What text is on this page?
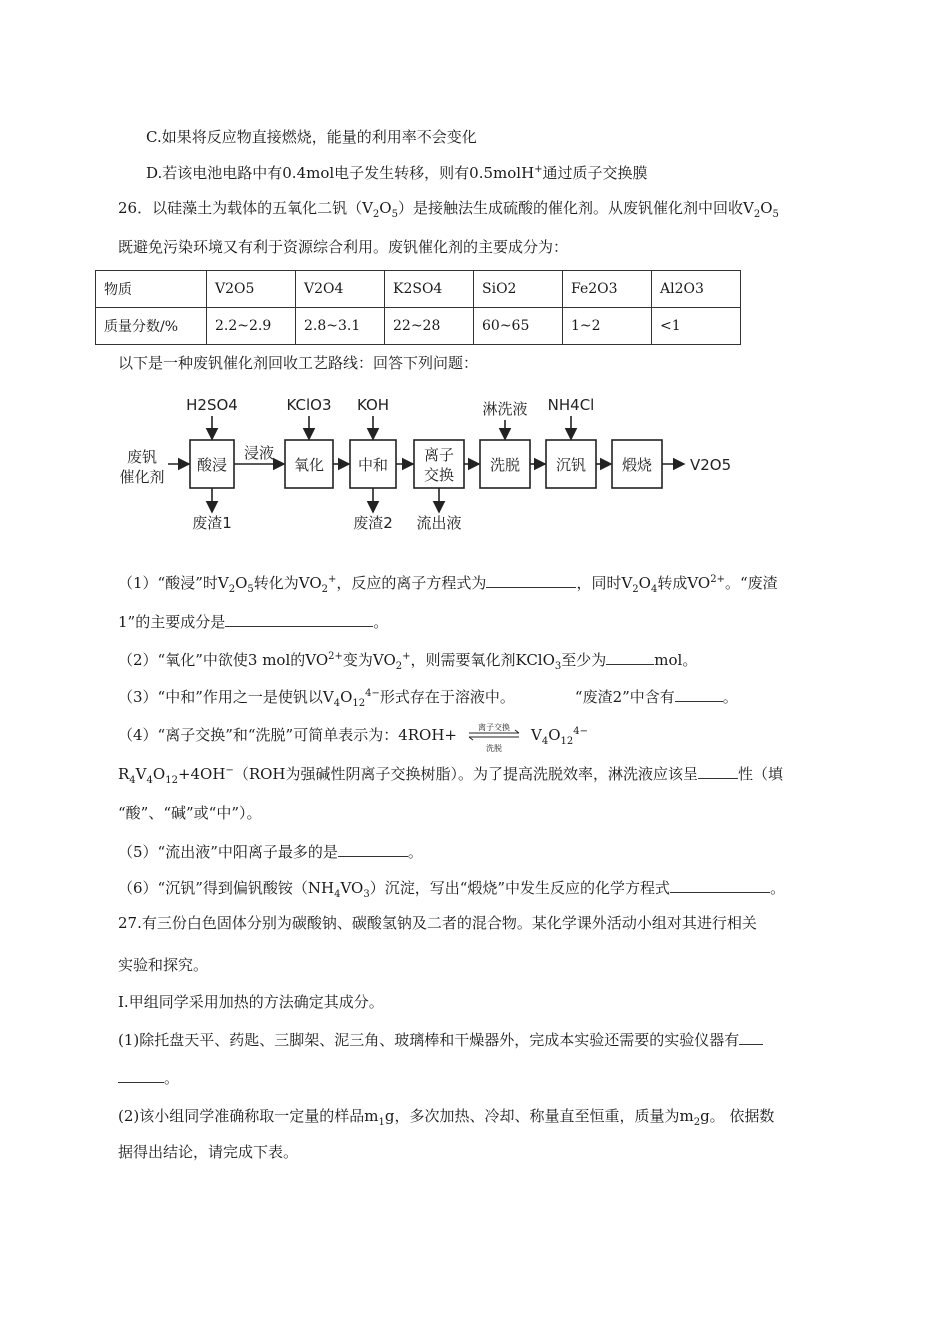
C.如果将反应物直接燃烧，能量的利用率不会变化
D.若该电池电路中有0.4mol电子发生转移，则有0.5molH+通过质子交换膜
26．以硅藻土为载体的五氧化二钒$(V_2O_5)$是接触法生成硫酸的催化剂。从废钒催化剂中回收$V_2O_5$
既避免污染环境又有利于资源综合利用。废钒催化剂的主要成分为：
物质	V2O5	V2O4	K2SO4	SiO2	Fe2O3	Al2O3
质量分数/%	2.2~2.9	2.8~3.1	22~28	60~65	1~2	<1
以下是一种废钒催化剂回收工艺路线：回答下列问题：
废钒
催化剂
酸浸	氧化 中和
离子
交换
洗脱 沉钒 煅烧
浸液
H2SO4	KClO3 KOH	淋洗液 NH4Cl
废渣1	废渣2 流出液
V2O5
（1）“酸浸”时$V_2O_5$转化为$VO_2^+$，反应的离子方程式为	，同时$V_2O_4$转成$VO^{2+}$。“废渣
1”的主要成分是	。
（2）“氧化”中欲使3 mol的$VO^{2+}$变为$VO_2^+$，则需要氧化剂KClO$_3$至少为	mol。
（3）“中和”作用之一是使钒以$V_4O_{12}^{4-}$形式存在于溶液中。	“废渣2”中含有	。
（4）“离子交换”和“洗脱”可简单表示为：4ROH+	离子交换
洗脱
$V_4O_{12}^{4-}$
$R_4V_4O_{12}+4OH^-(ROH$为强碱性阴离子交换树脂）。为了提高洗脱效率，淋洗液应该呈	性（填
“酸”、“碱”或“中”）。
（5）“流出液”中阳离子最多的是	。
（6）“沉钒”得到偏钒酸铵$(NH_4VO_3)$沉淀，写出“煅烧”中发生反应的化学方程式	。
27.有三份白色固体分别为碳酸钠、碳酸氢钠及二者的混合物。某化学课外活动小组对其进行相关
实验和探究。
I.甲组同学采用加热的方法确定其成分。
(1)除托盘天平、药匙、三脚架、泥三角、玻璃棒和干燥器外，完成本实验还需要的实验仪器有
。
(2)该小组同学准确称取一定量的样品$m_1g$，多次加热、冷却、称量直至恒重，质量为$m_2g$。 依据数
据得出结论，请完成下表。
